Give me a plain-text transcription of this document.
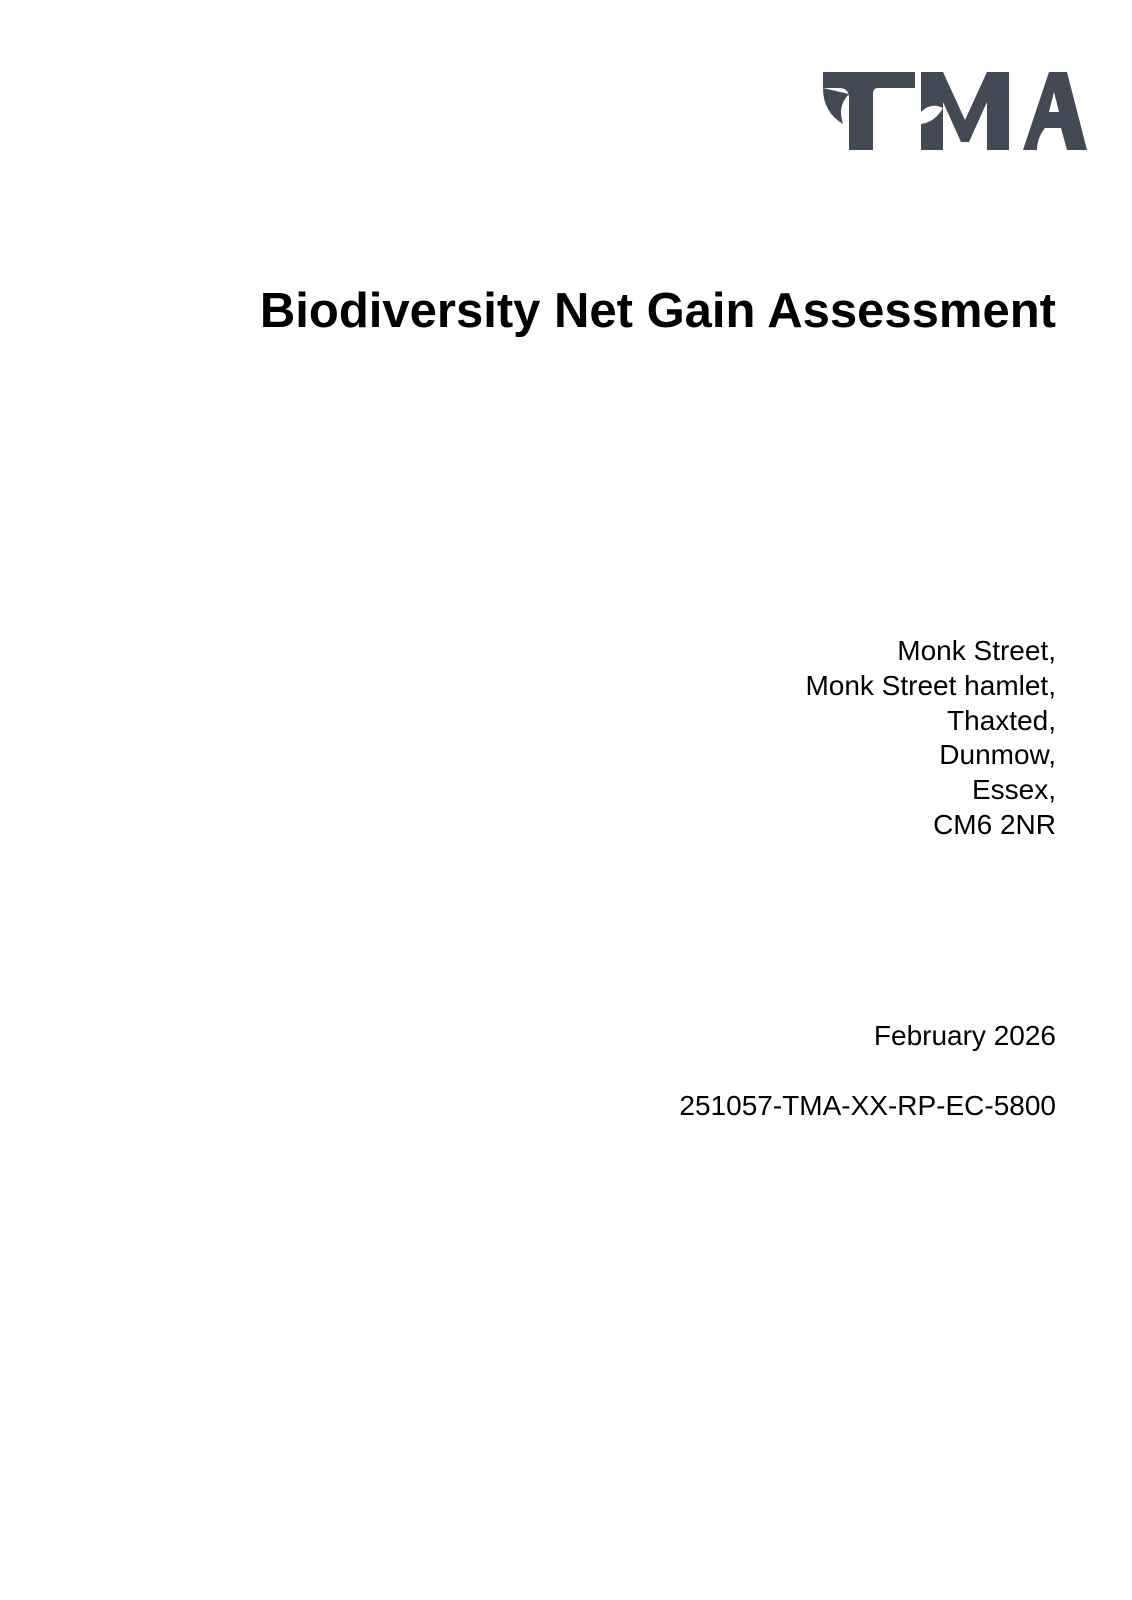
Biodiversity Net Gain Assessment
Monk Street,
Monk Street hamlet,
Thaxted,
Dunmow,
Essex,
CM6 2NR
February 2026
251057-TMA-XX-RP-EC-5800
